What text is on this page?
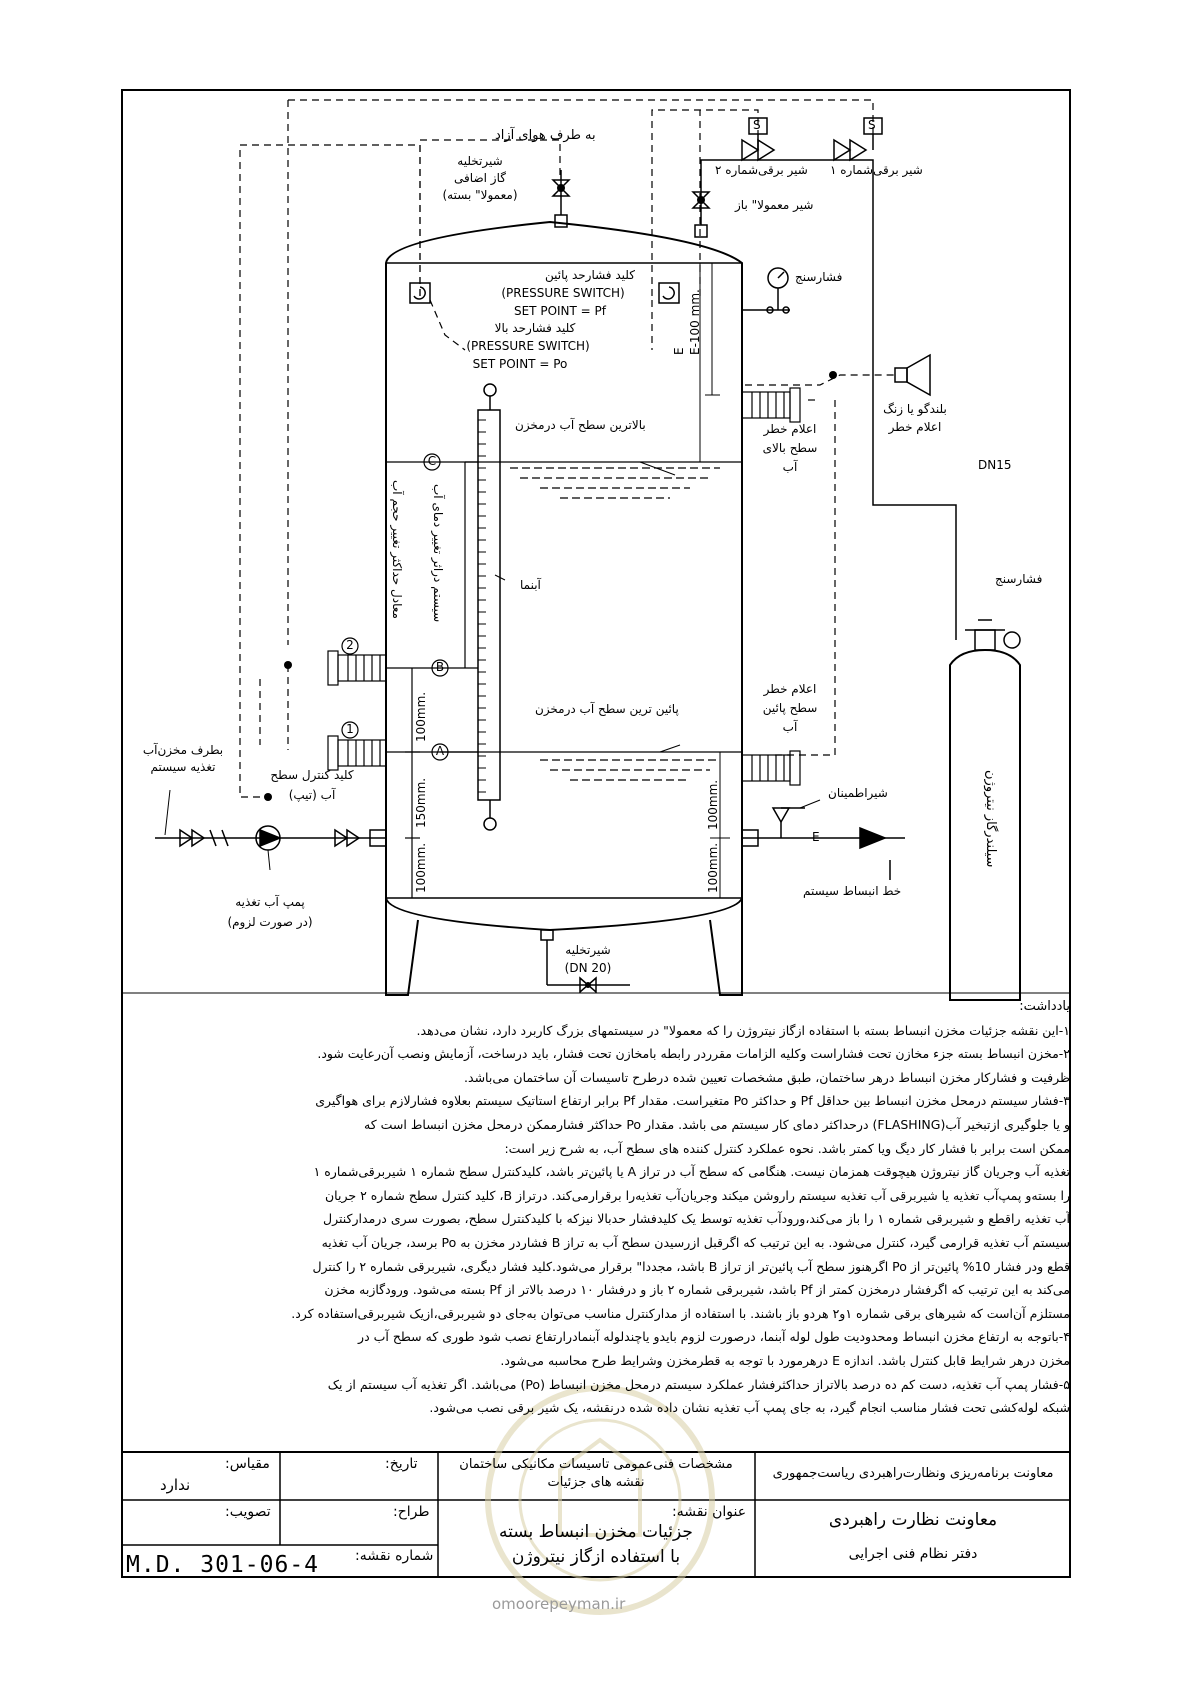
به طرف هوای آزاد
شیرتخلیه
گاز اضافی
(معمولا" بسته)
شیر برقی‌شماره ۲ شیر برقی‌شماره ۱
S	S
شیر معمولا" باز
کلید فشارحد پائین
(PRESSURE SWITCH)
SET POINT = Pf
کلید فشارحد بالا
(PRESSURE SWITCH)
SET POINT = Po
فشارسنج
E-100 mm.
E
بلندگو یا زنگ
اعلام خطر
اعلام خطر
سطح بالای
آب
بالاترین سطح آب درمخزن
DN15
فشارسنج
آبنما
معادل حداکثر تغییر حجم آب سیستم درا‌ثر تغییر دمای آب
C
B
A
2
1
اعلام خطر
سطح پائین
آب
پائین ترین سطح آب درمخزن
100mm.
150mm.
100mm.
100mm.
100mm.
بطرف مخزن‌آب
تغذیه سیستم
کلید کنترل سطح
آب (تیپ)	شیراطمینان
E
خط انبساط سیستم
سیلندرگاز نیتروژن
پمپ آب تغذیه
(در صورت لزوم)
شیرتخلیه
(DN 20)
یادداشت:
۱-این نقشه جزئیات مخزن انبساط بسته با استفاده ازگاز نیتروژن را که معمولا" در سیستمهای بزرگ کاربرد دارد، نشان می‌دهد.
۲-مخزن انبساط بسته جزء مخازن تحت فشاراست وکلیه الزامات مقرردر رابطه بامخازن تحت فشار، باید درساخت، آزمایش ونصب آن‌رعایت شود.
ظرفیت و فشارکار مخزن انبساط درهر ساختمان، طبق مشخصات تعیین شده درطرح تاسیسات آن ساختمان می‌باشد.
۳-فشار سیستم درمحل مخزن انبساط بین حداقل Pf و حداکثر Po متغیراست. مقدار Pf برابر ارتفاع استاتیک سیستم بعلاوه فشارلازم برای هواگیری
و یا جلوگیری ازتبخیر آب(FLASHING) درحداکثر دمای کار سیستم می باشد. مقدار Po حداکثر فشارممکن درمحل مخزن انبساط است که
ممکن است برابر با فشار کار دیگ ویا کمتر باشد. نحوه عملکرد کنترل کننده های سطح آب، به شرح زیر است:
تغذیه آب وجریان گاز نیتروژن هیچوقت همزمان نیست. هنگامی که سطح آب در تراز A یا پائین‌تر باشد، کلیدکنترل سطح شماره ۱ شیربرقی‌شماره ۱
را بسته‌و پمپ‌آب تغذیه یا شیربرقی آب تغذیه سیستم راروشن میکند وجریان‌آب تغذیه‌را برقرارمی‌کند. درتراز B، کلید کنترل سطح شماره ۲ جریان
آب تغذیه راقطع و شیربرقی شماره ۱ را باز می‌کند،ورودآب تغذیه توسط یک کلیدفشار حدبالا نیزکه با کلیدکنترل سطح، بصورت سری درمدارکنترل
سیستم آب تغذیه قرارمی گیرد، کنترل می‌شود. به این ترتیب که اگرقبل ازرسیدن سطح آب به تراز B فشاردر مخزن به Po برسد، جریان آب تغذیه
قطع ودر فشار 10% پائین‌تر از Po اگرهنوز سطح آب پائین‌تر از تراز B باشد، مجددا" برقرار می‌شود.کلید فشار دیگری، شیربرقی شماره ۲ را کنترل
می‌کند به این ترتیب که اگرفشار درمخزن کمتر از Pf باشد، شیربرقی شماره ۲ باز و درفشار ۱۰ درصد بالاتر از Pf بسته می‌شود. ورودگازبه مخزن
مستلزم آن‌است که شیرهای برقی شماره ۱و۲ هردو باز باشند. با استفاده از مدارکنترل مناسب می‌توان به‌جای دو شیربرقی،ازیک شیربرقی‌استفاده کرد.
۴-باتوجه به ارتفاع مخزن انبساط ومحدودیت طول لوله آبنما، درصورت لزوم بایدو یاچندلوله آبنمادرارتفاع نصب شود طوری که سطح آب در
مخزن درهر شرایط قابل کنترل باشد. اندازه E درهرمورد با توجه به قطرمخزن وشرایط طرح محاسبه می‌شود.
۵-فشار پمپ آب تغذیه، دست کم ده درصد بالاتراز حداکثرفشار عملکرد سیستم درمحل مخزن انبساط (Po) می‌باشد. اگر تغذیه آب سیستم از یک
شبکه لوله‌کشی تحت فشار مناسب انجام گیرد، به جای پمپ آب تغذیه نشان داده شده درنقشه، یک شیر برقی نصب می‌شود.
مقیاس:
ندارد
تاریخ:	مشخصات فنی‌عمومی تاسیسات مکانیکی ساختمان
نقشه های جزئیات
معاونت برنامه‌ریزی ونظارت‌راهبردی ریاست‌جمهوری
تصویب:	طراح:	عنوان نقشه:
جزئیات مخزن انبساط بسته
با استفاده ازگاز نیتروژن
معاونت نظارت راهبردی
دفتر نظام فنی اجرایی
شماره نقشه:
M.D. 301-06-4
omoorepeyman.ir
